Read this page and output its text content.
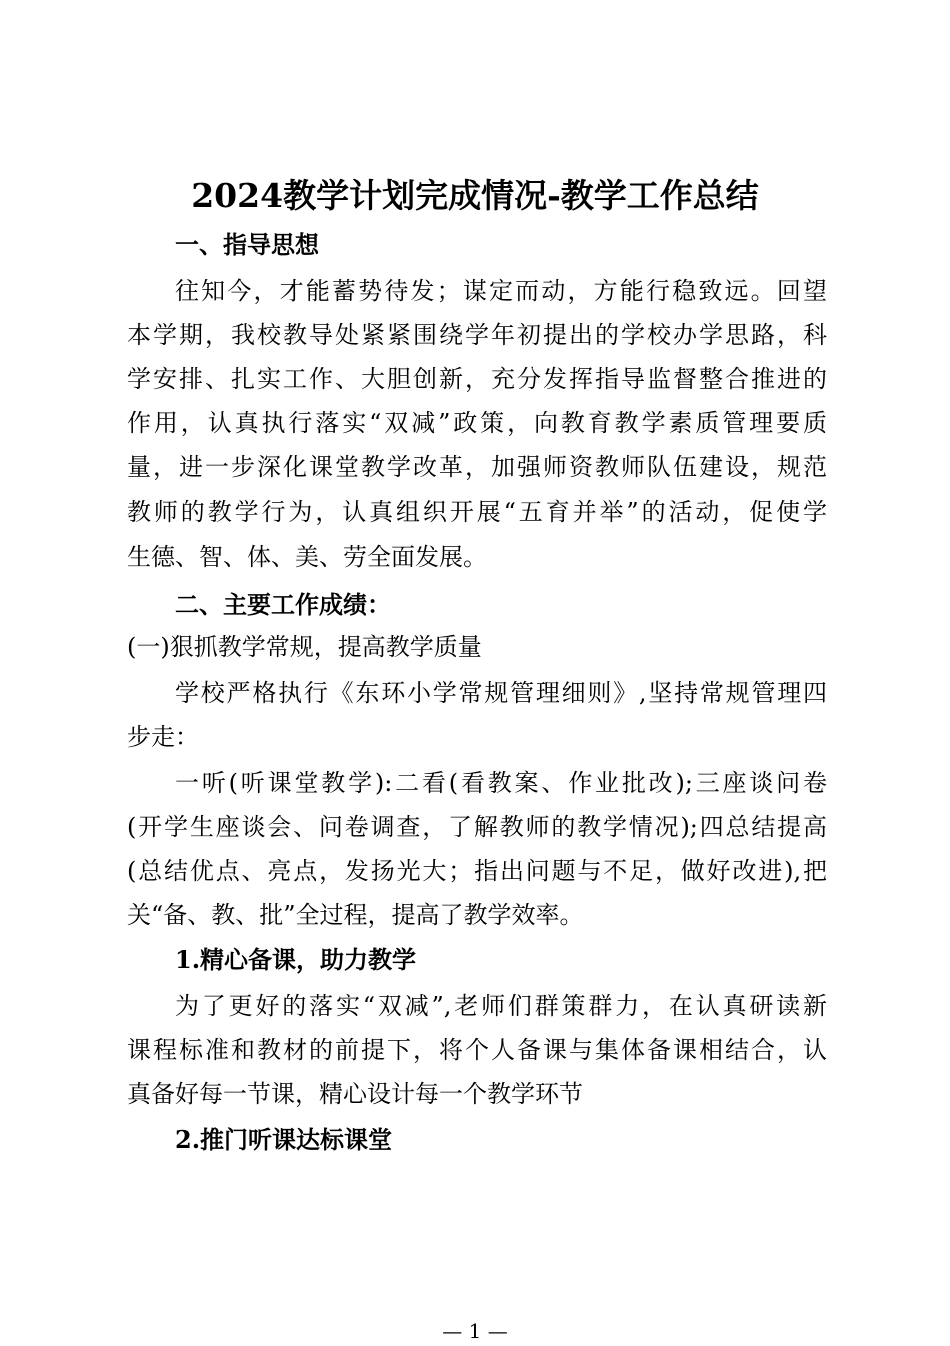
2024教学计划完成情况-教学工作总结
一、指导思想
往知今，才能蓄势待发；谋定而动，方能行稳致远。回望
本学期，我校教导处紧紧围绕学年初提出的学校办学思路，科
学安排、扎实工作、大胆创新，充分发挥指导监督整合推进的
作用，认真执行落实“双减”政策，向教育教学素质管理要质
量，进一步深化课堂教学改革，加强师资教师队伍建设，规范
教师的教学行为，认真组织开展“五育并举”的活动，促使学
生德、智、体、美、劳全面发展。
二、主要工作成绩：
(一)狠抓教学常规，提高教学质量
学校严格执行《东环小学常规管理细则》,坚持常规管理四
步走：
一听(听课堂教学):二看(看教案、作业批改);三座谈问卷
(开学生座谈会、问卷调查，了解教师的教学情况);四总结提高
(总结优点、亮点，发扬光大；指出问题与不足，做好改进),把
关“备、教、批”全过程，提高了教学效率。
1.精心备课，助力教学
为了更好的落实“双减”,老师们群策群力，在认真研读新
课程标准和教材的前提下，将个人备课与集体备课相结合，认
真备好每一节课，精心设计每一个教学环节
2.推门听课达标课堂
— 1 —
